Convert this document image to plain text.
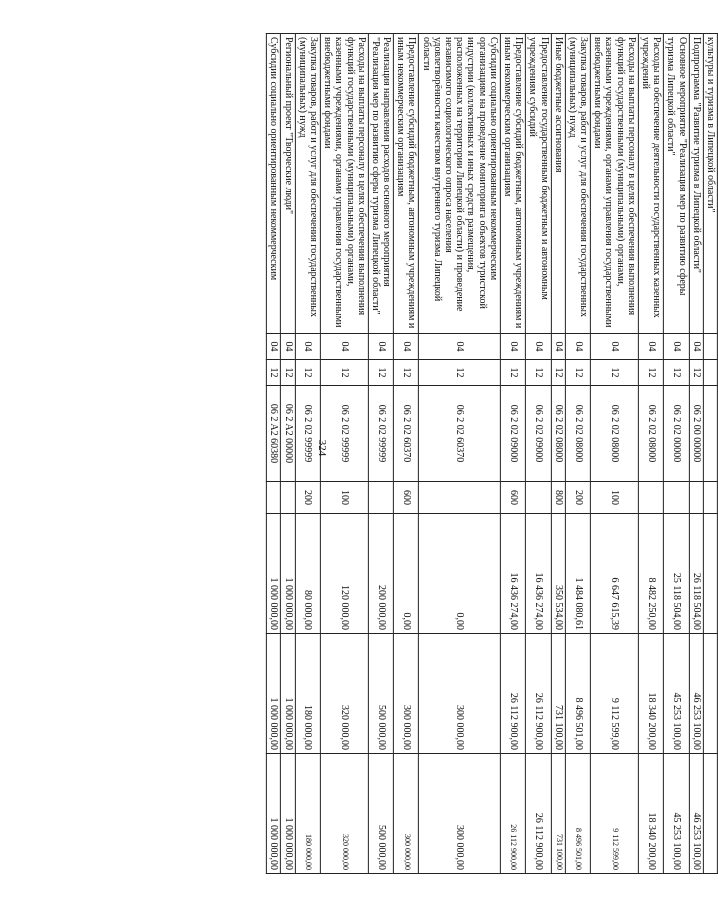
324
культуры и туризма в Липецкой области"							
Подпрограмма "Развитие туризма в Липецкой области"	04	12	06 2 00 00000		26 118 504,00	46 253 100,00	46 253 100,00
Основное мероприятие "Реализация мер по развитию сферы туризма Липецкой области"	04	12	06 2 02 00000		25 118 504,00	45 253 100,00	45 253 100,00
Расходы на обеспечение деятельности государственных казенных учреждений	04	12	06 2 02 08000		8 482 250,00	18 340 200,00	18 340 200,00
Расходы на выплаты персоналу в целях обеспечения выполнения функций государственными (муниципальными) органами, казенными учреждениями, органами управления государственными внебюджетными фондами	04	12	06 2 02 08000	100	6 647 615,39	9 112 599,00	9 112 599,00
Закупка товаров, работ и услуг для обеспечения государственных (муниципальных) нужд	04	12	06 2 02 08000	200	1 484 080,61	8 496 501,00	8 496 501,00
Иные бюджетные ассигнования	04	12	06 2 02 08000	800	350 534,00	731 100,00	731 100,00
Предоставление государственным бюджетным и автономным учреждениям субсидий	04	12	06 2 02 09000		16 436 274,00	26 112 900,00	26 112 900,00
Предоставление субсидий бюджетным, автономным учреждениям и иным некоммерческим организациям	04	12	06 2 02 09000	600	16 436 274,00	26 112 900,00	26 112 900,00
Субсидии социально ориентированным некоммерческим организациям на проведение мониторинга объектов туристской индустрии (коллективных и иных средств размещения, расположенных на территории Липецкой области) и проведение независимого социологического опроса населения удовлетворённости качеством внутреннего туризма Липецкой области	04	12	06 2 02 60370		0,00	300 000,00	300 000,00
Предоставление субсидий бюджетным, автономным учреждениям и иным некоммерческим организациям	04	12	06 2 02 60370	600	0,00	300 000,00	300 000,00
Реализация направления расходов основного мероприятия "Реализация мер по развитию сферы туризма Липецкой области"	04	12	06 2 02 99999		200 000,00	500 000,00	500 000,00
Расходы на выплаты персоналу в целях обеспечения выполнения функций государственными (муниципальными) органами, казенными учреждениями, органами управления государственными внебюджетными фондами	04	12	06 2 02 99999	100	120 000,00	320 000,00	320 000,00
Закупка товаров, работ и услуг для обеспечения государственных (муниципальных) нужд	04	12	06 2 02 99999	200	80 000,00	180 000,00	180 000,00
Региональный проект "Творческие люди"	04	12	06 2 A2 00000		1 000 000,00	1 000 000,00	1 000 000,00
Субсидии социально ориентированным некоммерческим	04	12	06 2 A2 60380		1 000 000,00	1 000 000,00	1 000 000,00
